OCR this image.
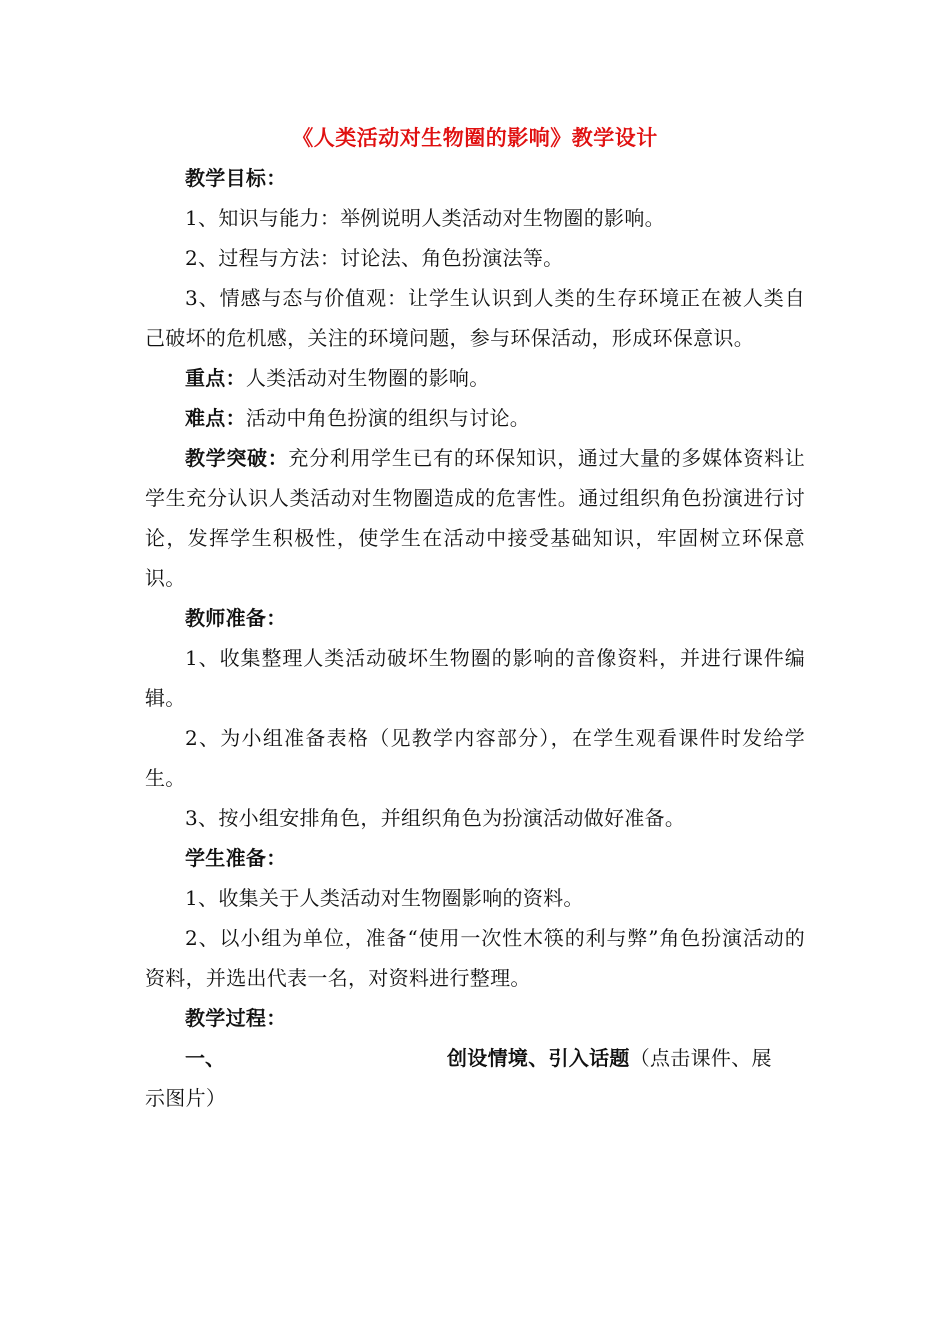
《人类活动对生物圈的影响》教学设计

教学目标：

1、知识与能力：举例说明人类活动对生物圈的影响。

2、过程与方法：讨论法、角色扮演法等。

3、情感与态与价值观：让学生认识到人类的生存环境正在被人类自己破坏的危机感，关注的环境问题，参与环保活动，形成环保意识。

重点：人类活动对生物圈的影响。

难点：活动中角色扮演的组织与讨论。

教学突破：充分利用学生已有的环保知识，通过大量的多媒体资料让学生充分认识人类活动对生物圈造成的危害性。通过组织角色扮演进行讨论，发挥学生积极性，使学生在活动中接受基础知识，牢固树立环保意识。

教师准备：

1、收集整理人类活动破坏生物圈的影响的音像资料，并进行课件编辑。

2、为小组准备表格（见教学内容部分），在学生观看课件时发给学生。

3、按小组安排角色，并组织角色为扮演活动做好准备。

学生准备：

1、收集关于人类活动对生物圈影响的资料。

2、以小组为单位，准备“使用一次性木筷的利与弊”角色扮演活动的资料，并选出代表一名，对资料进行整理。

教学过程：

一、	创设情境、引入话题（点击课件、展

示图片）
